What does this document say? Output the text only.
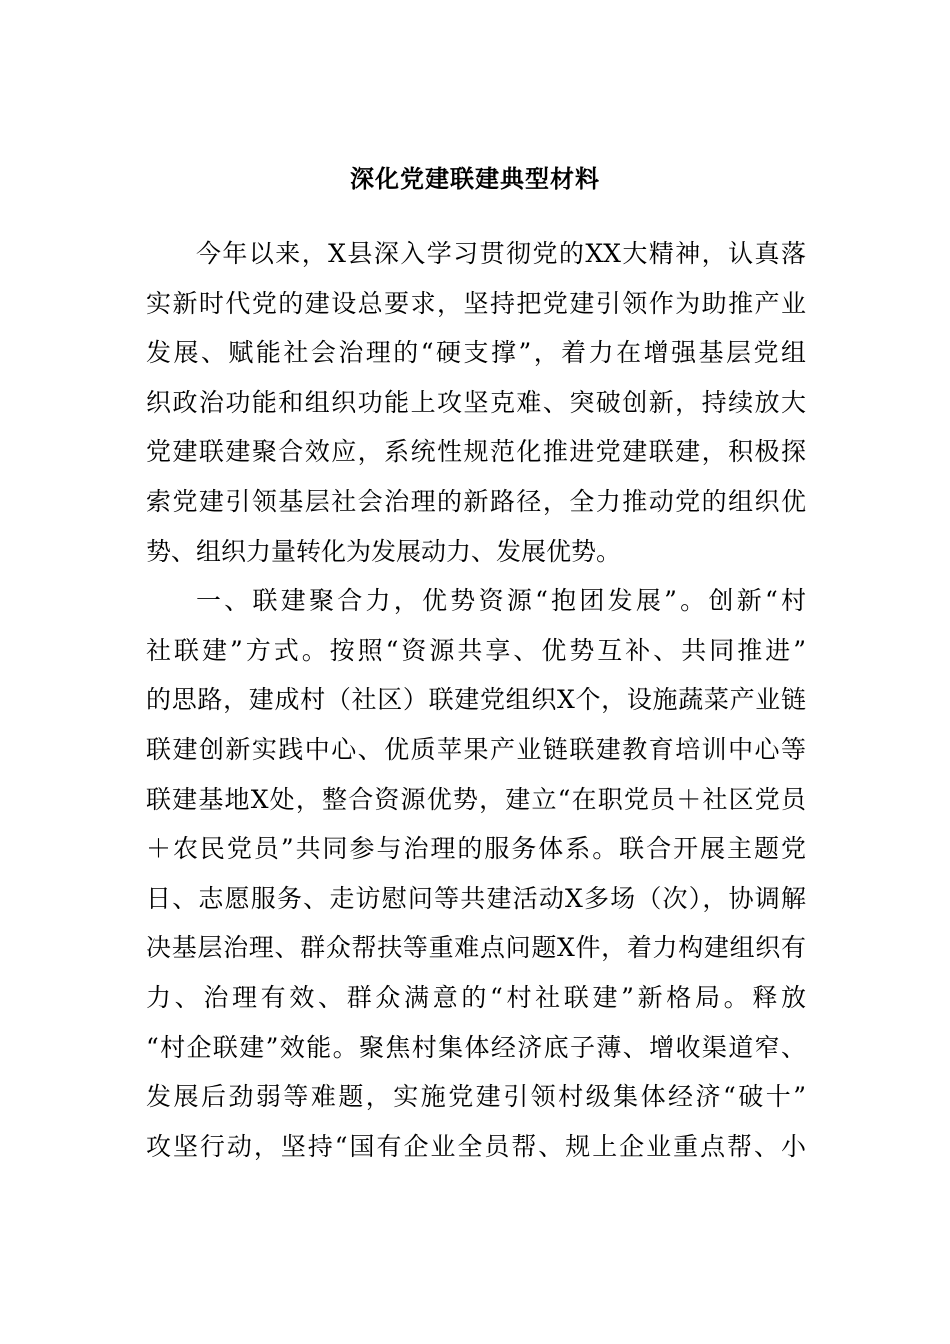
深化党建联建典型材料
今年以来，X县深入学习贯彻党的XX大精神，认真落
实新时代党的建设总要求，坚持把党建引领作为助推产业
发展、赋能社会治理的“硬支撑”，着力在增强基层党组
织政治功能和组织功能上攻坚克难、突破创新，持续放大
党建联建聚合效应，系统性规范化推进党建联建，积极探
索党建引领基层社会治理的新路径，全力推动党的组织优
势、组织力量转化为发展动力、发展优势。
一、联建聚合力，优势资源“抱团发展”。创新“村
社联建”方式。按照“资源共享、优势互补、共同推进”
的思路，建成村（社区）联建党组织X个，设施蔬菜产业链
联建创新实践中心、优质苹果产业链联建教育培训中心等
联建基地X处，整合资源优势，建立“在职党员＋社区党员
＋农民党员”共同参与治理的服务体系。联合开展主题党
日、志愿服务、走访慰问等共建活动X多场（次），协调解
决基层治理、群众帮扶等重难点问题X件，着力构建组织有
力、治理有效、群众满意的“村社联建”新格局。释放
“村企联建”效能。聚焦村集体经济底子薄、增收渠道窄、
发展后劲弱等难题，实施党建引领村级集体经济“破十”
攻坚行动，坚持“国有企业全员帮、规上企业重点帮、小
